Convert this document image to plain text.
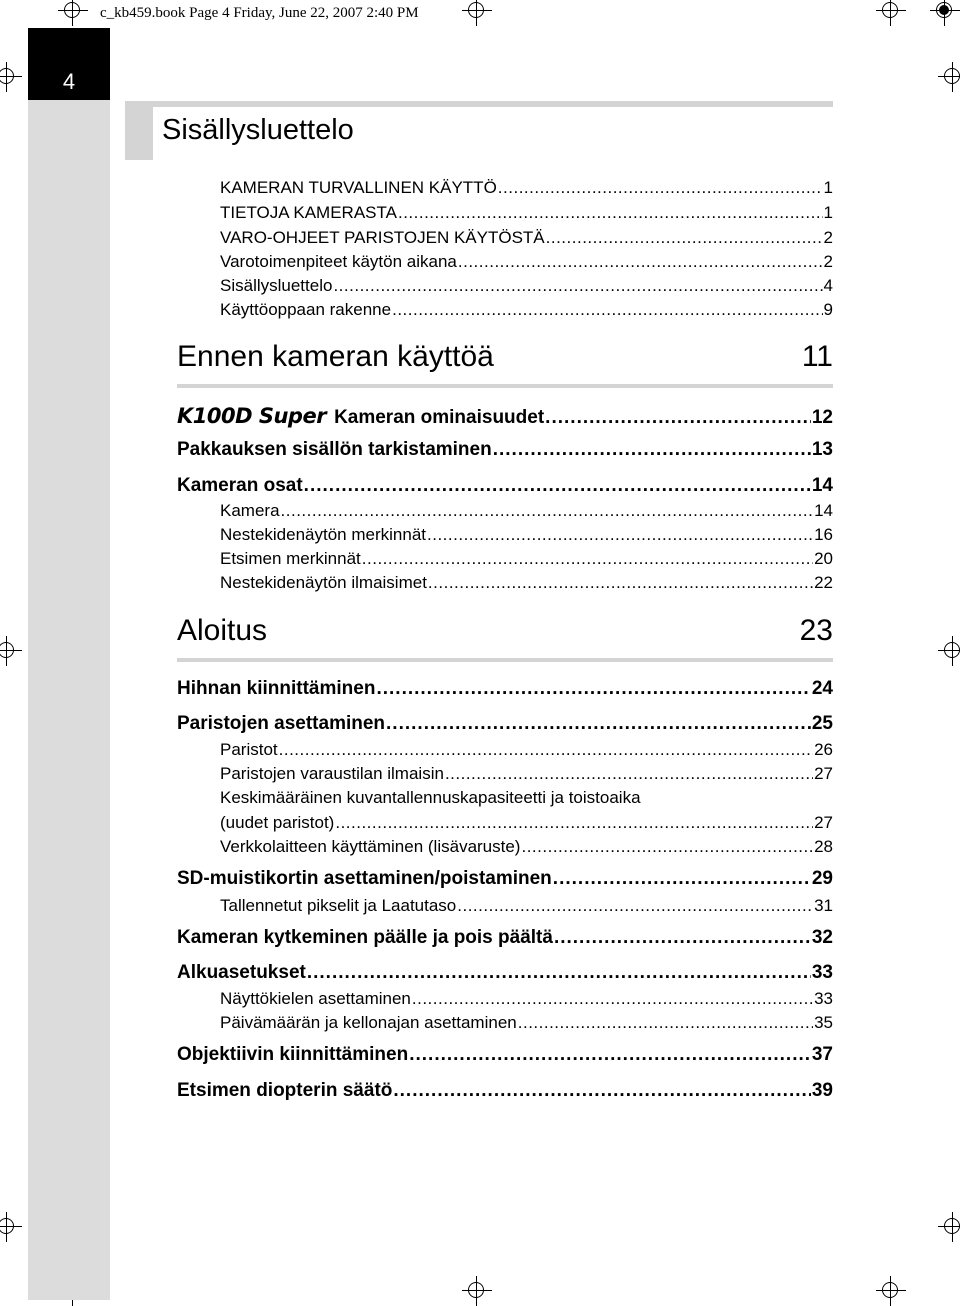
c_kb459.book Page 4 Friday, June 22, 2007 2:40 PM
4
Sisällysluettelo
KAMERAN TURVALLINEN KÄYTTÖ .....	1
TIETOJA KAMERASTA .....	1
VARO-OHJEET PARISTOJEN KÄYTÖSTÄ .....	2
Varotoimenpiteet käytön aikana .....	2
Sisällysluettelo .....	4
Käyttöoppaan rakenne .....	9
Ennen kameran käyttöä	11
K100D Super Kameran ominaisuudet .....	12
Pakkauksen sisällön tarkistaminen .....	13
Kameran osat .....	14
Kamera .....	14
Nestekidenäytön merkinnät .....	16
Etsimen merkinnät .....	20
Nestekidenäytön ilmaisimet .....	22
Aloitus	23
Hihnan kiinnittäminen .....	24
Paristojen asettaminen .....	25
Paristot .....	26
Paristojen varaustilan ilmaisin .....	27
Keskimääräinen kuvantallennuskapasiteetti ja toistoaika
(uudet paristot) .....	27
Verkkolaitteen käyttäminen (lisävaruste) .....	28
SD-muistikortin asettaminen/poistaminen .....	29
Tallennetut pikselit ja Laatutaso .....	31
Kameran kytkeminen päälle ja pois päältä .....	32
Alkuasetukset .....	33
Näyttökielen asettaminen .....	33
Päivämäärän ja kellonajan asettaminen .....	35
Objektiivin kiinnittäminen .....	37
Etsimen diopterin säätö .....	39
